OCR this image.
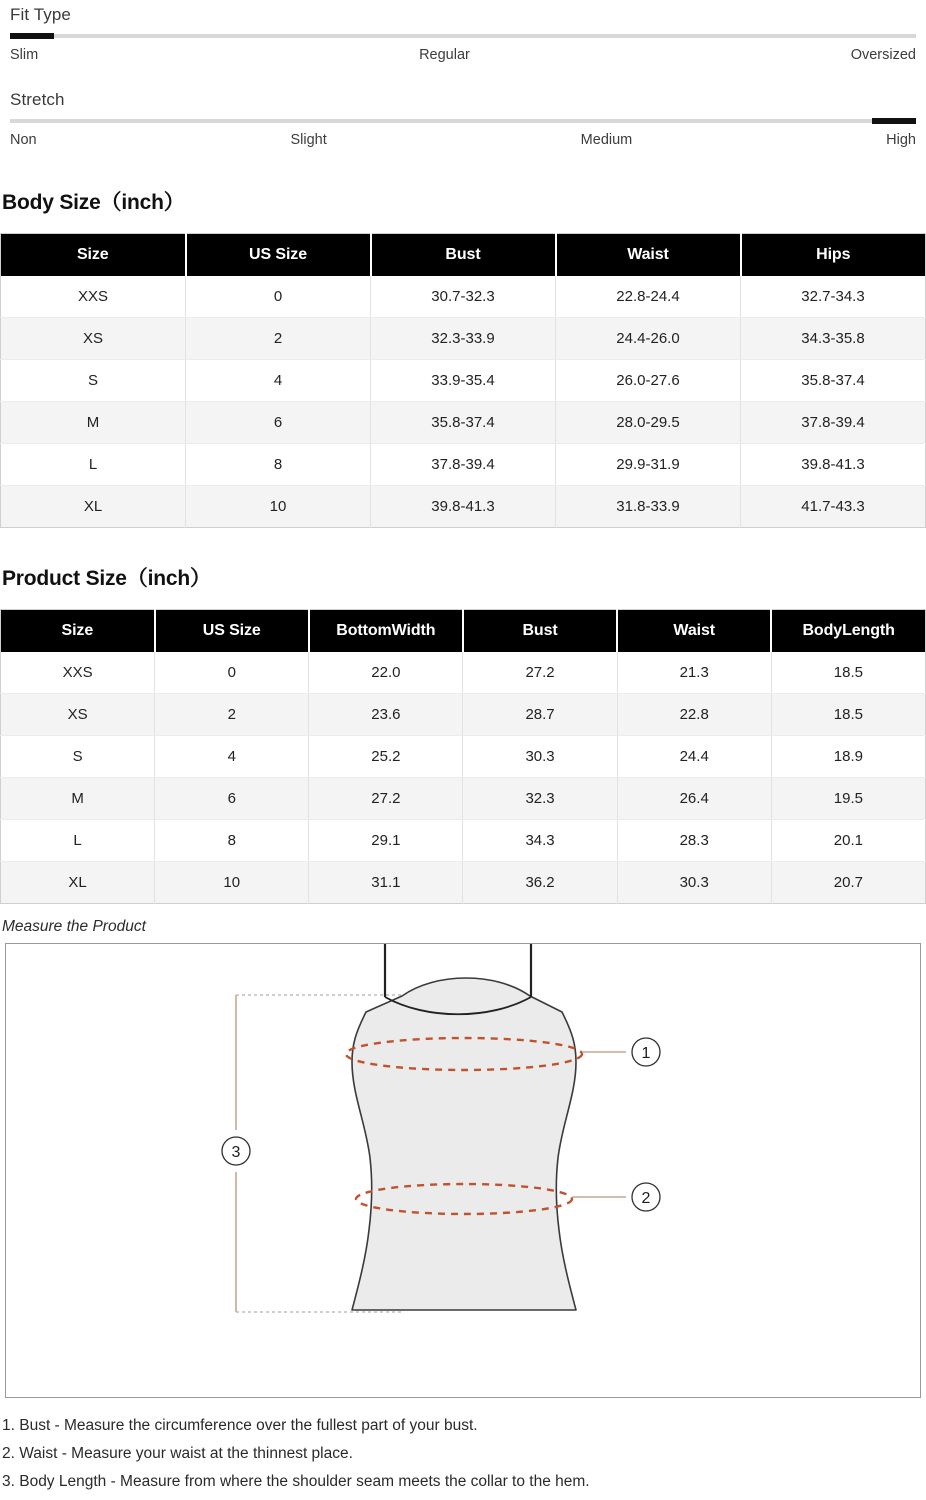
Fit Type
Slim	Regular	Oversized
Stretch
Non	Slight	Medium	High
Body Size（inch）
Size	US Size	Bust	Waist	Hips
XXS	0	30.7-32.3	22.8-24.4	32.7-34.3
XS	2	32.3-33.9	24.4-26.0	34.3-35.8
S	4	33.9-35.4	26.0-27.6	35.8-37.4
M	6	35.8-37.4	28.0-29.5	37.8-39.4
L	8	37.8-39.4	29.9-31.9	39.8-41.3
XL	10	39.8-41.3	31.8-33.9	41.7-43.3
Product Size（inch）
Size	US Size	BottomWidth	Bust	Waist	BodyLength
XXS	0	22.0	27.2	21.3	18.5
XS	2	23.6	28.7	22.8	18.5
S	4	25.2	30.3	24.4	18.9
M	6	27.2	32.3	26.4	19.5
L	8	29.1	34.3	28.3	20.1
XL	10	31.1	36.2	30.3	20.7
Measure the Product
1
2
3
1. Bust - Measure the circumference over the fullest part of your bust.
2. Waist - Measure your waist at the thinnest place.
3. Body Length - Measure from where the shoulder seam meets the collar to the hem.
